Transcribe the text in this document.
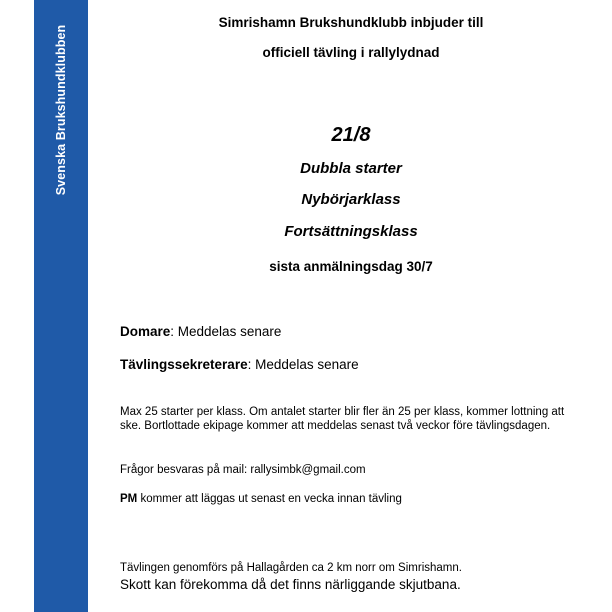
Svenska Brukshundklubben
Simrishamn Brukshundklubb inbjuder till
officiell tävling i rallylydnad
21/8
Dubbla starter
Nybörjarklass
Fortsättningsklass
sista anmälningsdag 30/7
Domare: Meddelas senare
Tävlingssekreterare: Meddelas senare
Max 25 starter per klass. Om antalet starter blir fler än 25 per klass, kommer lottning att ske. Bortlottade ekipage kommer att meddelas senast två veckor före tävlingsdagen.
Frågor besvaras på mail: rallysimbk@gmail.com
PM kommer att läggas ut senast en vecka innan tävling
Tävlingen genomförs på Hallagården ca 2 km norr om Simrishamn.
Skott kan förekomma då det finns närliggande skjutbana.
